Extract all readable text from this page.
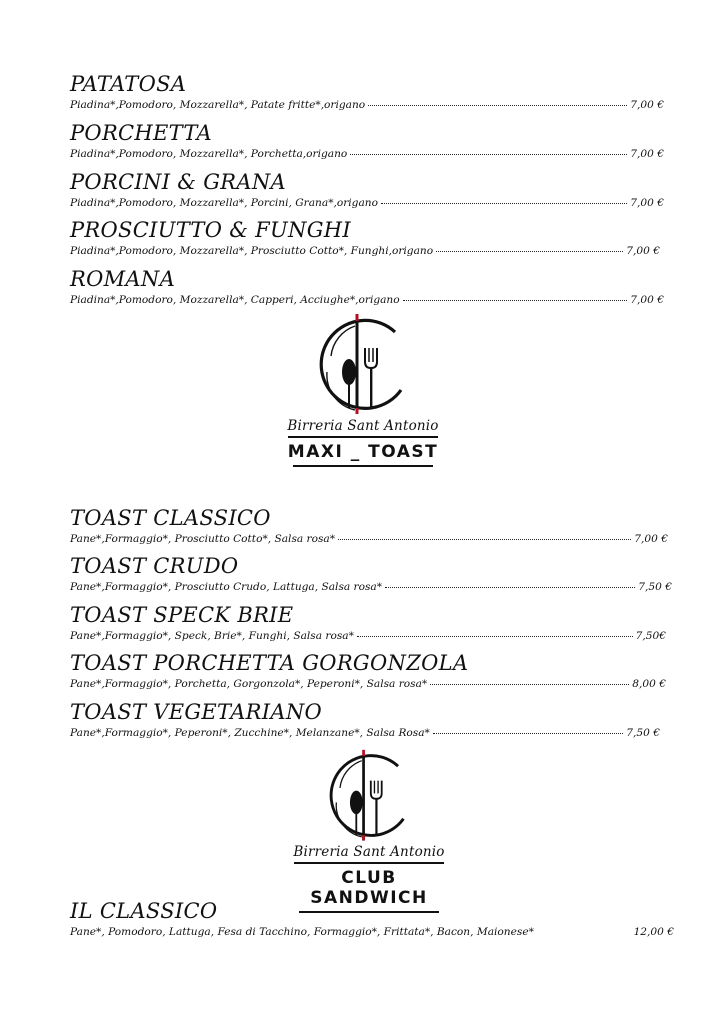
PATATOSA
Piadina*,Pomodoro, Mozzarella*, Patate fritte*,origano	7,00 €
PORCHETTA
Piadina*,Pomodoro, Mozzarella*, Porchetta,origano	7,00 €
PORCINI & GRANA
Piadina*,Pomodoro, Mozzarella*, Porcini, Grana*,origano	7,00 €
PROSCIUTTO & FUNGHI
Piadina*,Pomodoro, Mozzarella*, Prosciutto Cotto*, Funghi,origano	7,00 €
ROMANA
Piadina*,Pomodoro, Mozzarella*, Capperi, Acciughe*,origano	7,00 €
Birreria Sant Antonio
MAXI _ TOAST
TOAST CLASSICO
Pane*,Formaggio*, Prosciutto Cotto*, Salsa rosa*	7,00 €
TOAST CRUDO
Pane*,Formaggio*, Prosciutto Crudo, Lattuga, Salsa rosa*	7,50 €
TOAST SPECK BRIE
Pane*,Formaggio*, Speck, Brie*, Funghi, Salsa rosa*	7,50€
TOAST PORCHETTA GORGONZOLA
Pane*,Formaggio*, Porchetta, Gorgonzola*, Peperoni*, Salsa rosa*	8,00 €
TOAST VEGETARIANO
Pane*,Formaggio*, Peperoni*, Zucchine*, Melanzane*, Salsa Rosa*	7,50 €
Birreria Sant Antonio
CLUB SANDWICH
IL CLASSICO
Pane*, Pomodoro, Lattuga, Fesa di Tacchino, Formaggio*, Frittata*, Bacon, Maionese*	12,00 €
